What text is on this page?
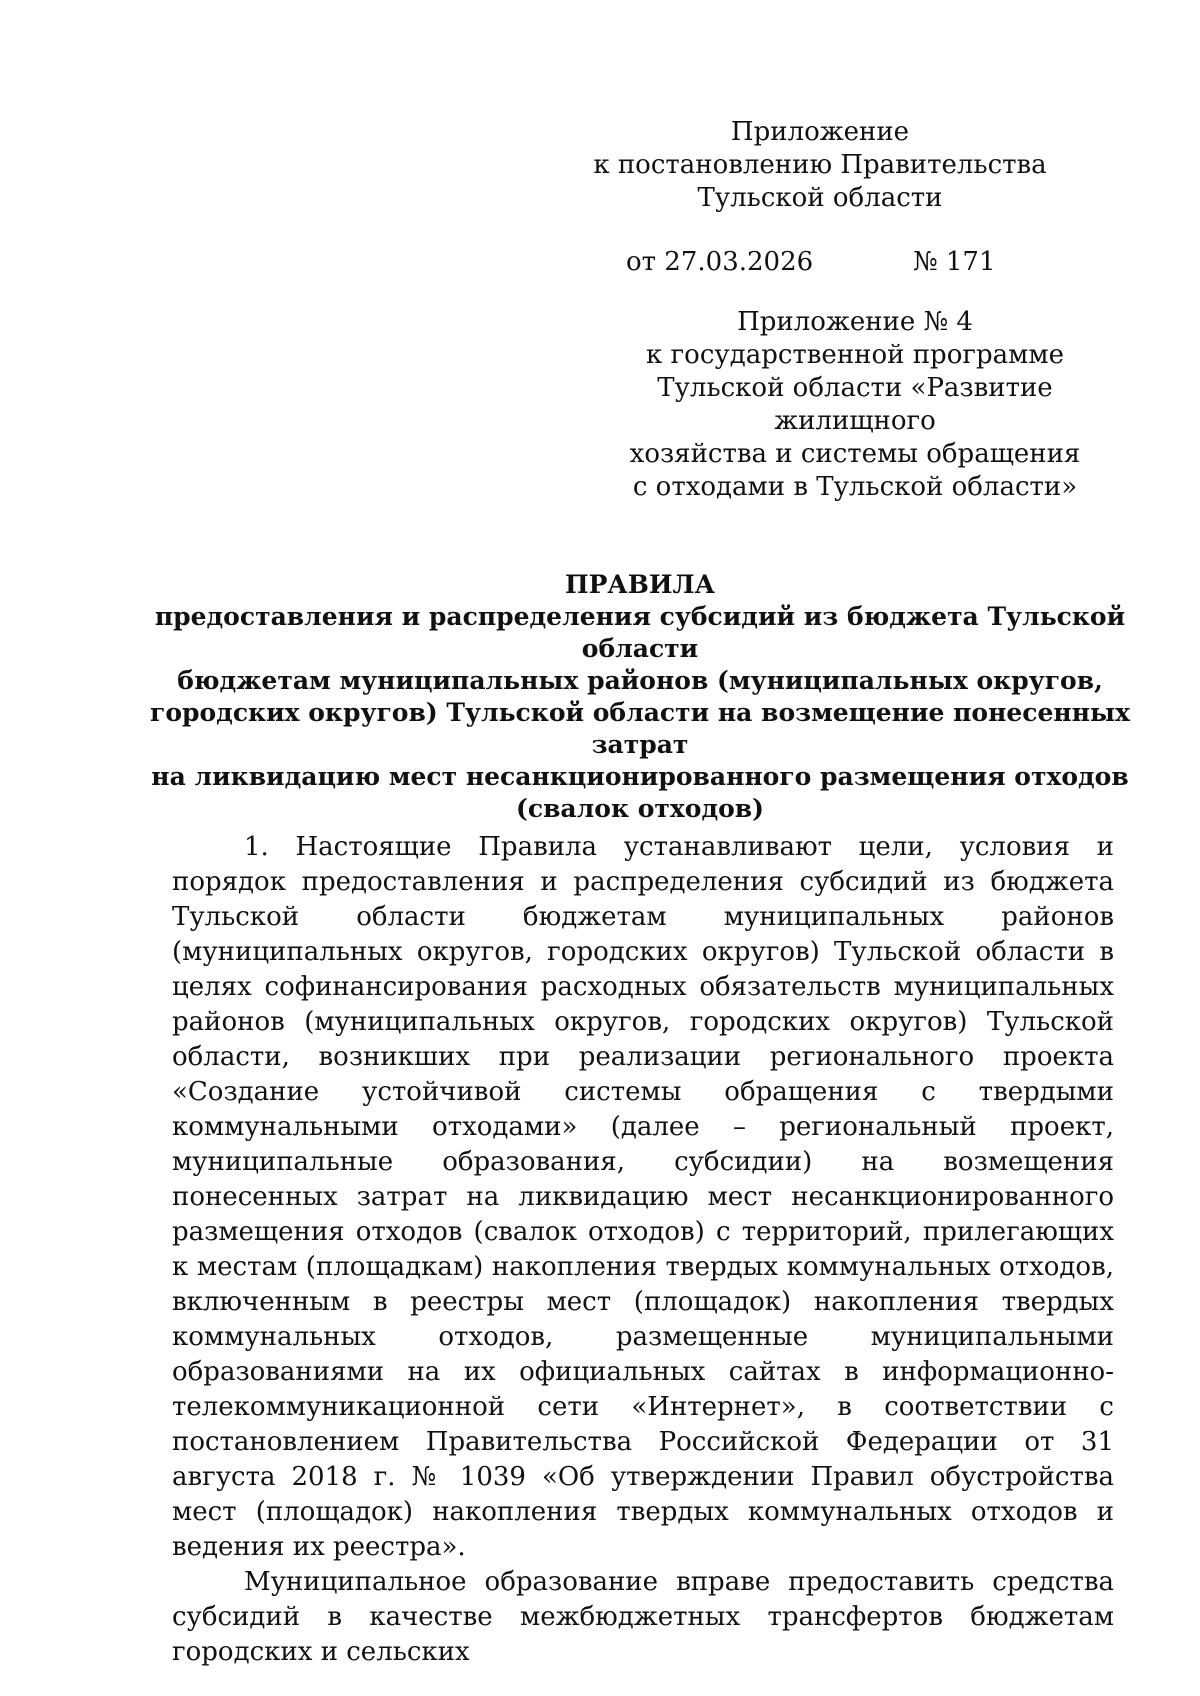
Приложение
к постановлению Правительства
Тульской области
от 27.03.2026	№ 171
Приложение № 4
к государственной программе
Тульской области «Развитие жилищного
хозяйства и системы обращения
с отходами в Тульской области»
ПРАВИЛА
предоставления и распределения субсидий из бюджета Тульской области
бюджетам муниципальных районов (муниципальных округов,
городских округов) Тульской области на возмещение понесенных затрат
на ликвидацию мест несанкционированного размещения отходов
(свалок отходов)

1. Настоящие Правила устанавливают цели, условия и порядок предоставления и распределения субсидий из бюджета Тульской области бюджетам муниципальных районов (муниципальных округов, городских округов) Тульской области в целях софинансирования расходных обязательств муниципальных районов (муниципальных округов, городских округов) Тульской области, возникших при реализации регионального проекта «Создание устойчивой системы обращения с твердыми коммунальными отходами» (далее – региональный проект, муниципальные образования, субсидии) на возмещения понесенных затрат на ликвидацию мест несанкционированного размещения отходов (свалок отходов) с территорий, прилегающих к местам (площадкам) накопления твердых коммунальных отходов, включенным в реестры мест (площадок) накопления твердых коммунальных отходов, размещенные муниципальными образованиями на их официальных сайтах в информационно-телекоммуникационной сети «Интернет», в соответствии с постановлением Правительства Российской Федерации от 31 августа 2018 г. № 1039 «Об утверждении Правил обустройства мест (площадок) накопления твердых коммунальных отходов и ведения их реестра».

Муниципальное образование вправе предоставить средства субсидий в качестве межбюджетных трансфертов бюджетам городских и сельских
